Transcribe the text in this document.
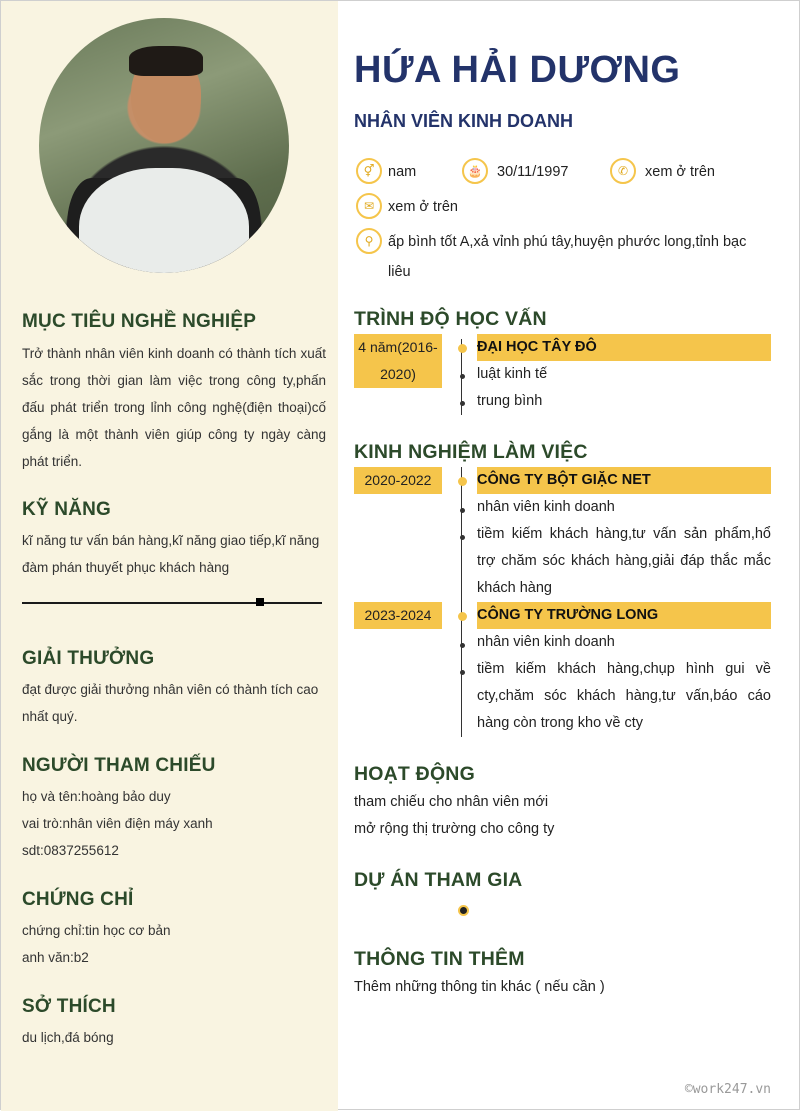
MỤC TIÊU NGHỀ NGHIỆP

Trở thành nhân viên kinh doanh có thành tích xuất sắc trong thời gian làm việc trong công ty,phấn đấu phát triển trong lỉnh công nghệ(điện thoại)cố gắng là một thành viên giúp công ty ngày càng phát triển.

KỸ NĂNG

kĩ năng tư vấn bán hàng,kĩ năng giao tiếp,kĩ năng đàm phán thuyết phục khách hàng

GIẢI THƯỞNG

đạt được giải thưởng nhân viên có thành tích cao nhất quý.

NGƯỜI THAM CHIẾU

họ và tên:hoàng bảo duy

vai trò:nhân viên điện máy xanh

sdt:0837255612

CHỨNG CHỈ

chứng chỉ:tin học cơ bản

anh văn:b2

SỞ THÍCH

du lịch,đá bóng

HỨA HẢI DƯƠNG
NHÂN VIÊN KINH DOANH
⚥ nam	🎂	30/11/1997	✆	xem ở trên

✉ xem ở trên

⚲	ấp bình tốt A,xả vỉnh phú tây,huyện phước long,tỉnh bạc

liêu

TRÌNH ĐỘ HỌC VẤN
4 năm(2016-
2020)

ĐẠI HỌC TÂY ĐÔ

luật kinh tế

trung bình

KINH NGHIỆM LÀM VIỆC
2020-2022	CÔNG TY BỘT GIẶC NET

nhân viên kinh doanh

tiềm kiếm khách hàng,tư vấn sản phẩm,hổ trợ chăm sóc khách hàng,giải đáp thắc mắc khách hàng

2023-2024	CÔNG TY TRƯỜNG LONG

nhân viên kinh doanh

tiềm kiếm khách hàng,chụp hình gui về cty,chăm sóc khách hàng,tư vấn,báo cáo hàng còn trong kho về cty

HOẠT ĐỘNG

tham chiếu cho nhân viên mới

mở rộng thị trường cho công ty

DỰ ÁN THAM GIA
THÔNG TIN THÊM

Thêm những thông tin khác ( nếu cần )

©work247.vn
